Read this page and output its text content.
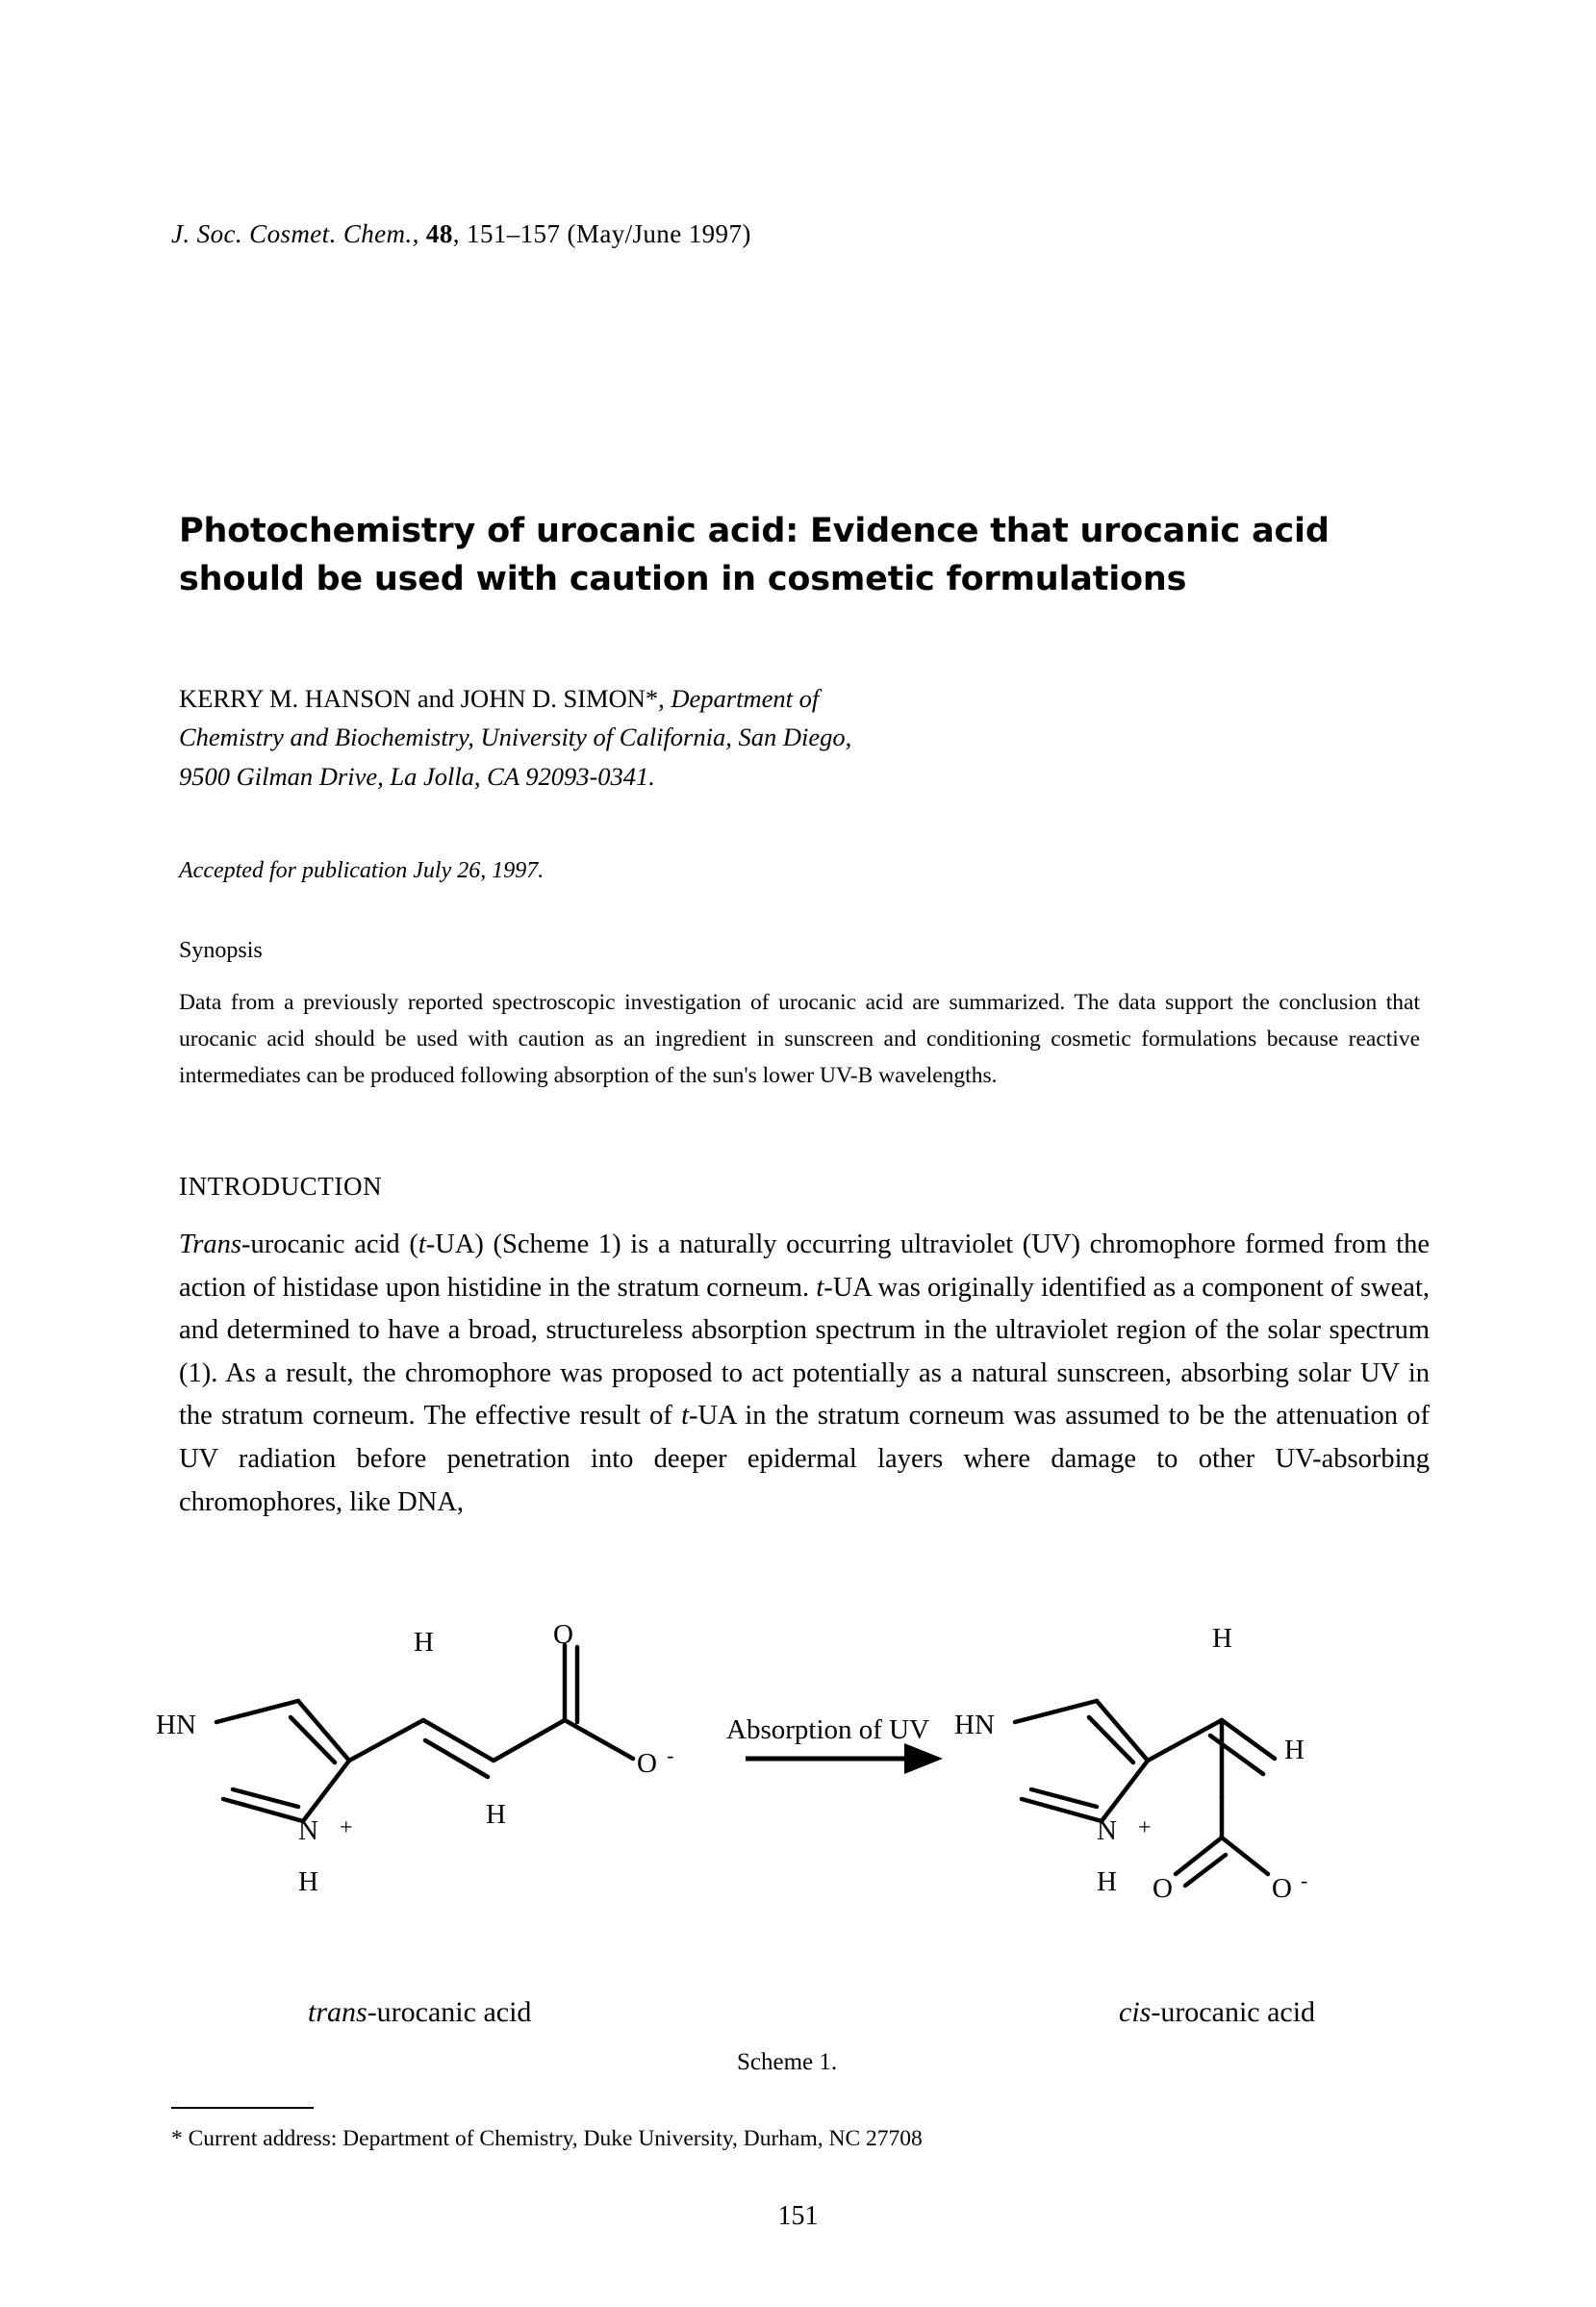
J. Soc. Cosmet. Chem., 48, 151–157 (May/June 1997)
Photochemistry of urocanic acid: Evidence that urocanic acid should be used with caution in cosmetic formulations
KERRY M. HANSON and JOHN D. SIMON*, Department of
Chemistry and Biochemistry, University of California, San Diego,
9500 Gilman Drive, La Jolla, CA 92093-0341.
Accepted for publication July 26, 1997.
Synopsis
Data from a previously reported spectroscopic investigation of urocanic acid are summarized. The data support the conclusion that urocanic acid should be used with caution as an ingredient in sunscreen and conditioning cosmetic formulations because reactive intermediates can be produced following absorption of the sun's lower UV-B wavelengths.
INTRODUCTION
Trans-urocanic acid (t-UA) (Scheme 1) is a naturally occurring ultraviolet (UV) chromophore formed from the action of histidase upon histidine in the stratum corneum. t-UA was originally identified as a component of sweat, and determined to have a broad, structureless absorption spectrum in the ultraviolet region of the solar spectrum (1). As a result, the chromophore was proposed to act potentially as a natural sunscreen, absorbing solar UV in the stratum corneum. The effective result of t-UA in the stratum corneum was assumed to be the attenuation of UV radiation before penetration into deeper epidermal layers where damage to other UV-absorbing chromophores, like DNA,
HN
N
H
+
H
H
O
O -
HN
N
H
+
H
H
O	O -
Absorption of UV
trans-urocanic acid	cis-urocanic acid
Scheme 1.
* Current address: Department of Chemistry, Duke University, Durham, NC 27708
151
